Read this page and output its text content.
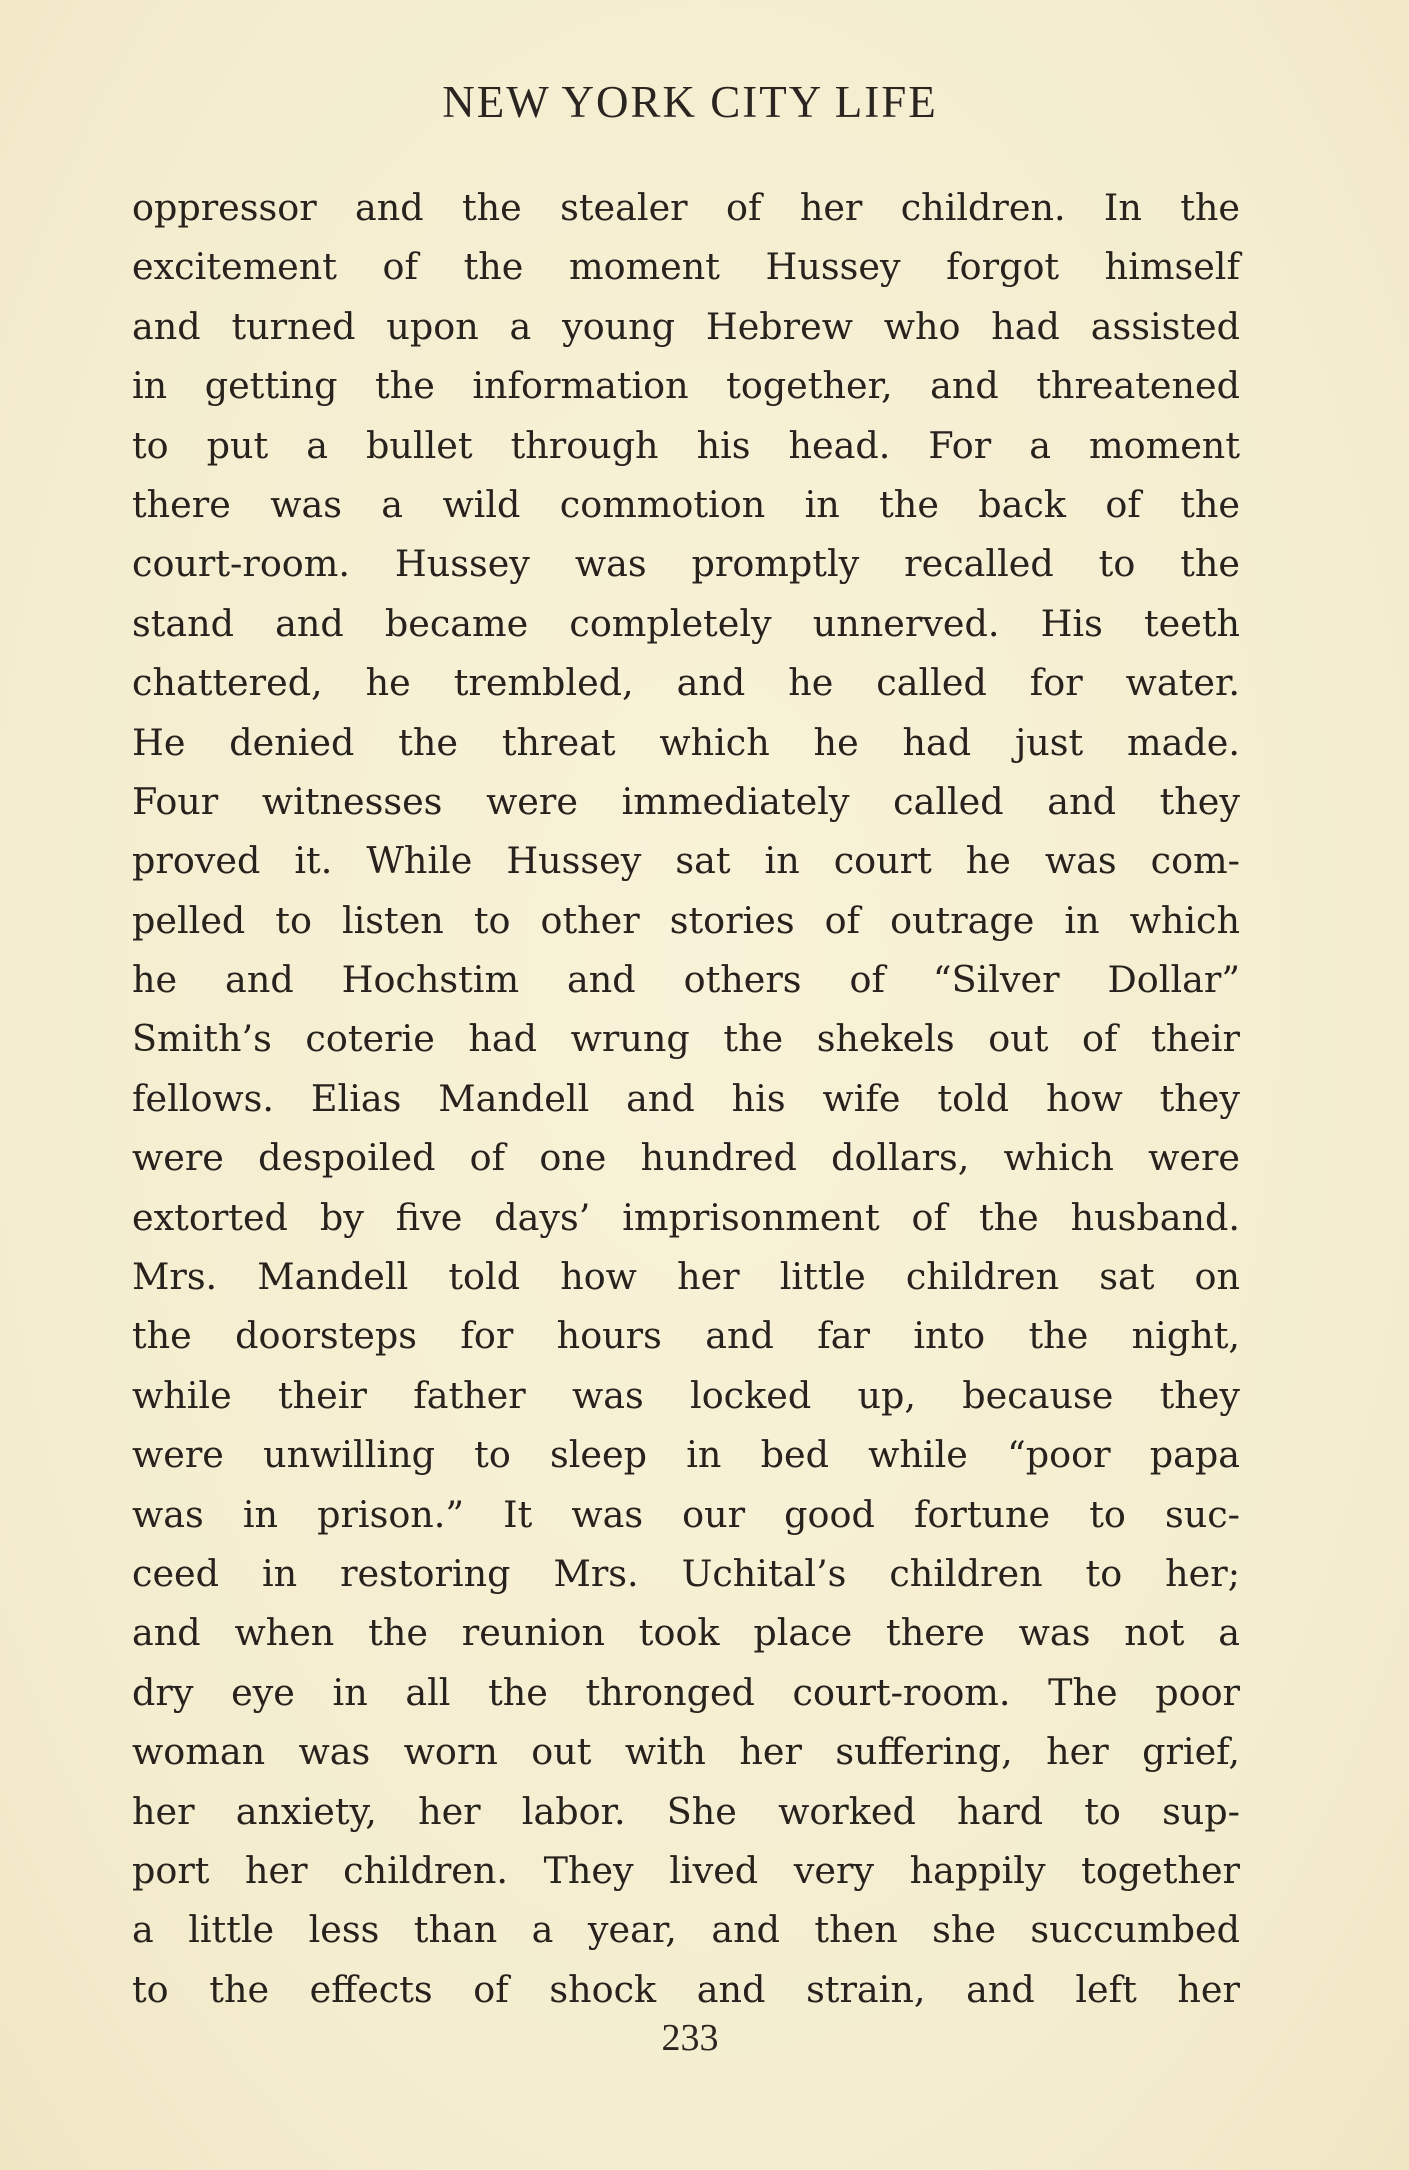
NEW YORK CITY LIFE
oppressor and the stealer of her children. In the
excitement of the moment Hussey forgot himself
and turned upon a young Hebrew who had assisted
in getting the information together, and threatened
to put a bullet through his head. For a moment
there was a wild commotion in the back of the
court-room. Hussey was promptly recalled to the
stand and became completely unnerved. His teeth
chattered, he trembled, and he called for water.
He denied the threat which he had just made.
Four witnesses were immediately called and they
proved it. While Hussey sat in court he was com-
pelled to listen to other stories of outrage in which
he and Hochstim and others of “Silver Dollar”
Smith’s coterie had wrung the shekels out of their
fellows. Elias Mandell and his wife told how they
were despoiled of one hundred dollars, which were
extorted by five days’ imprisonment of the husband.
Mrs. Mandell told how her little children sat on
the doorsteps for hours and far into the night,
while their father was locked up, because they
were unwilling to sleep in bed while “poor papa
was in prison.” It was our good fortune to suc-
ceed in restoring Mrs. Uchital’s children to her;
and when the reunion took place there was not a
dry eye in all the thronged court-room. The poor
woman was worn out with her suffering, her grief,
her anxiety, her labor. She worked hard to sup-
port her children. They lived very happily together
a little less than a year, and then she succumbed
to the effects of shock and strain, and left her
233
